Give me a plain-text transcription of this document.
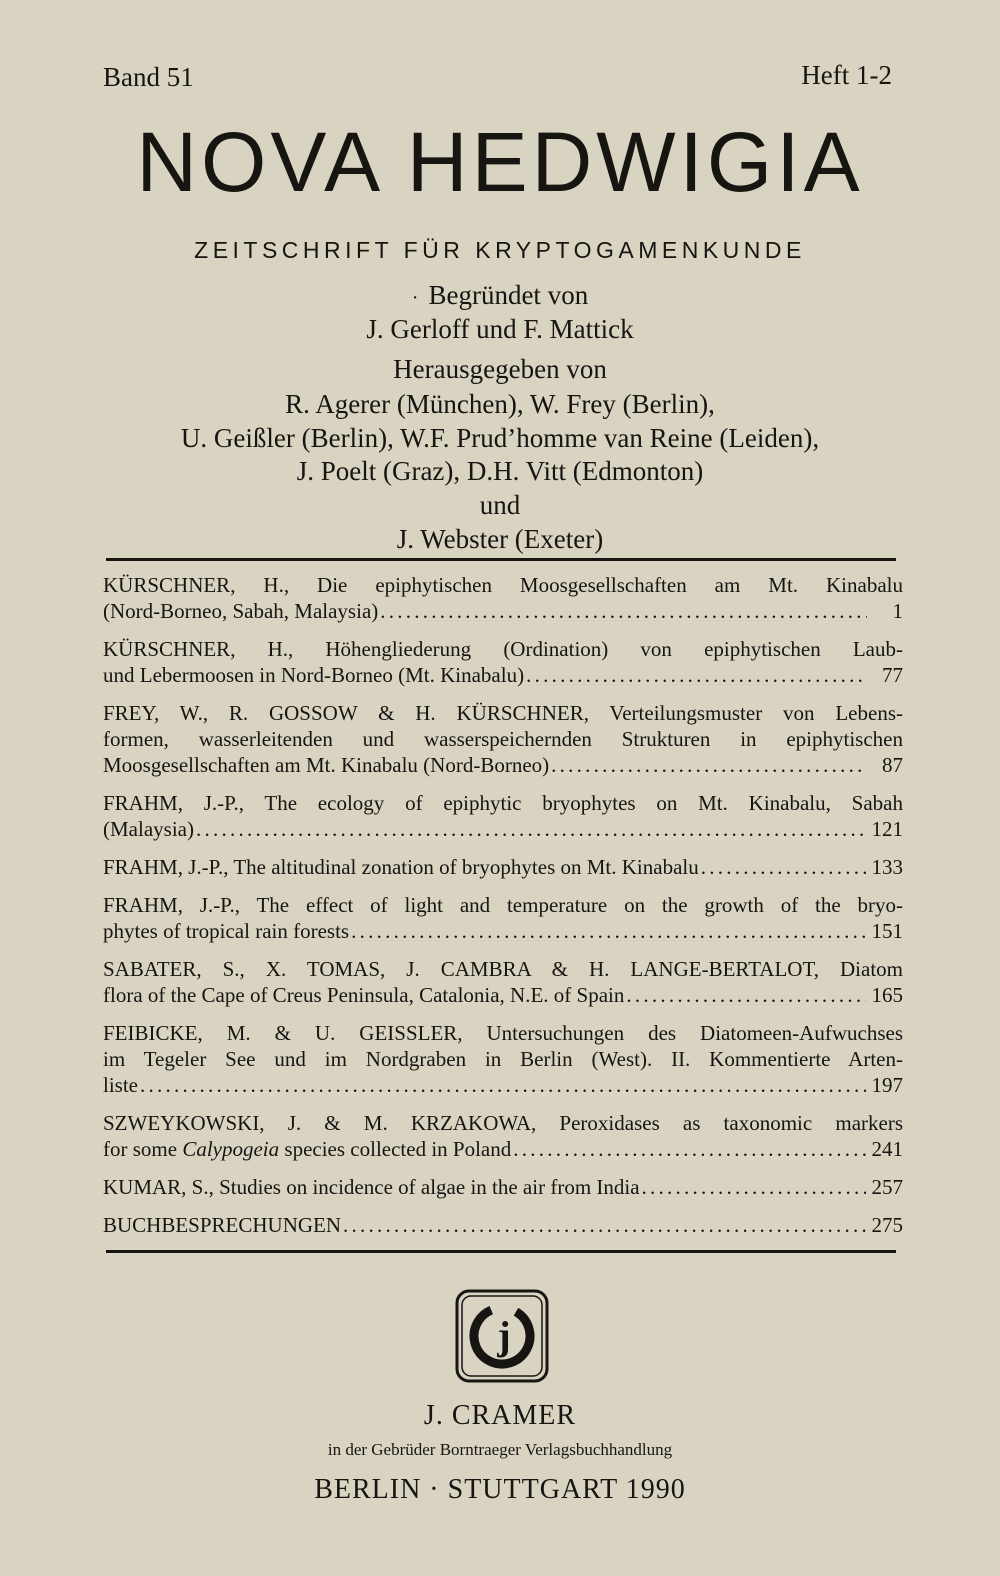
Band 51	Heft 1-2
NOVA HEDWIGIA
ZEITSCHRIFT FÜR KRYPTOGAMENKUNDE
·  Begründet von
J. Gerloff und F. Mattick
Herausgegeben von
R. Agerer (München), W. Frey (Berlin),
U. Geißler (Berlin), W.F. Prud’homme van Reine (Leiden),
J. Poelt (Graz), D.H. Vitt (Edmonton)
und
J. Webster (Exeter)
KÜRSCHNER, H., Die epiphytischen Moosgesellschaften am Mt. Kinabalu
(Nord-Borneo, Sabah, Malaysia) . . .	1
KÜRSCHNER, H., Höhengliederung (Ordination) von epiphytischen Laub-
und Lebermoosen in Nord-Borneo (Mt. Kinabalu) . . .	77
FREY, W., R. GOSSOW & H. KÜRSCHNER, Verteilungsmuster von Lebens-
formen, wasserleitenden und wasserspeichernden Strukturen in epiphytischen
Moosgesellschaften am Mt. Kinabalu (Nord-Borneo) . . .	87
FRAHM, J.-P., The ecology of epiphytic bryophytes on Mt. Kinabalu, Sabah
(Malaysia) . . .	121
FRAHM, J.-P., The altitudinal zonation of bryophytes on Mt. Kinabalu . . .	133
FRAHM, J.-P., The effect of light and temperature on the growth of the bryo-
phytes of tropical rain forests . . .	151
SABATER, S., X. TOMAS, J. CAMBRA & H. LANGE-BERTALOT, Diatom
flora of the Cape of Creus Peninsula, Catalonia, N.E. of Spain . . .	165
FEIBICKE, M. & U. GEISSLER, Untersuchungen des Diatomeen-Aufwuchses
im Tegeler See und im Nordgraben in Berlin (West). II. Kommentierte Arten-
liste . . .	197
SZWEYKOWSKI, J. & M. KRZAKOWA, Peroxidases as taxonomic markers
for some Calypogeia species collected in Poland . . .	241
KUMAR, S., Studies on incidence of algae in the air from India . . .	257
BUCHBESPRECHUNGEN . . .	275
j
J. CRAMER
in der Gebrüder Borntraeger Verlagsbuchhandlung
BERLIN · STUTTGART 1990
